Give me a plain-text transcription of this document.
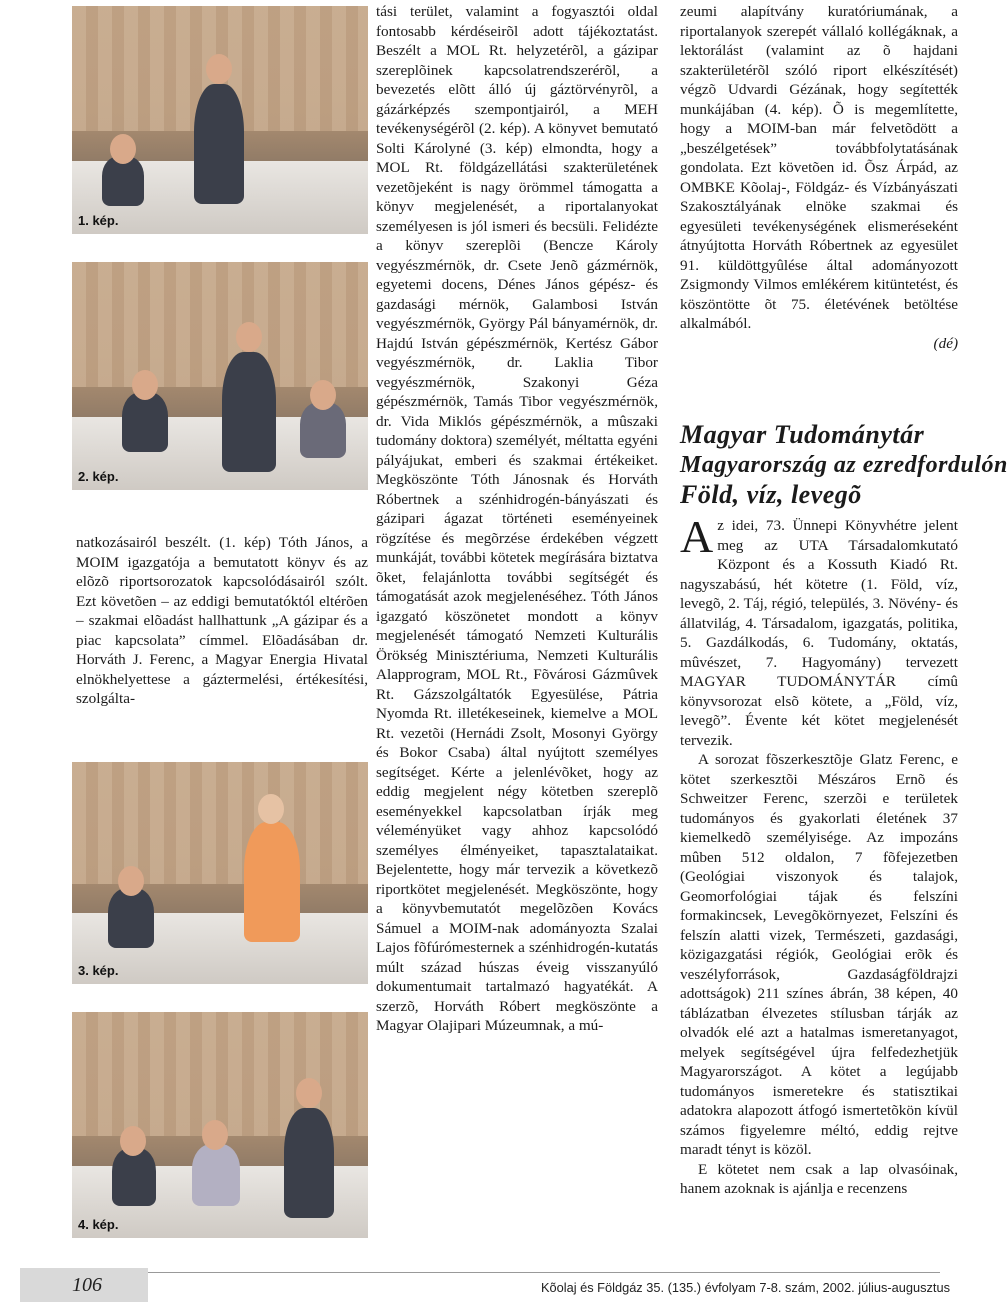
1. kép.
2. kép.
3. kép.
4. kép.

natkozásairól beszélt. (1. kép) Tóth János, a MOIM igazgatója a bemutatott könyv és az elõzõ riportsorozatok kapcsolódásairól szólt. Ezt követõen – az eddigi bemutatóktól eltérõen – szakmai elõadást hallhattunk „A gázipar és a piac kapcsolata” címmel. Elõadásában dr. Horváth J. Ferenc, a Magyar Energia Hivatal elnökhelyettese a gáztermelési, értékesítési, szolgálta-

tási terület, valamint a fogyasztói oldal fontosabb kérdéseirõl adott tájékoztatást. Beszélt a MOL Rt. helyzetérõl, a gázipar szereplõinek kapcsolatrendszerérõl, a bevezetés elõtt álló új gáztörvényrõl, a gázárképzés szempontjairól, a MEH tevékenységérõl (2. kép). A könyvet bemutató Solti Károlyné (3. kép) elmondta, hogy a MOL Rt. földgázellátási szakterületének vezetõjeként is nagy örömmel támogatta a könyv megjelenését, a riportalanyokat személyesen is jól ismeri és becsüli. Felidézte a könyv szereplõi (Bencze Károly vegyészmérnök, dr. Csete Jenõ gázmérnök, egyetemi docens, Dénes János gépész- és gazdasági mérnök, Galambosi István vegyészmérnök, György Pál bányamérnök, dr. Hajdú István gépészmérnök, Kertész Gábor vegyészmérnök, dr. Laklia Tibor vegyészmérnök, Szakonyi Géza gépészmérnök, Tamás Tibor vegyészmérnök, dr. Vida Miklós gépészmérnök, a mûszaki tudomány doktora) személyét, méltatta egyéni pályájukat, emberi és szakmai értékeiket. Megköszönte Tóth Jánosnak és Horváth Róbertnek a szénhidrogén-bányászati és gázipari ágazat történeti eseményeinek rögzítése és megõrzése érdekében végzett munkáját, további kötetek megírására biztatva õket, felajánlotta további segítségét és támogatását azok megjelenéséhez. Tóth János igazgató köszönetet mondott a könyv megjelenését támogató Nemzeti Kulturális Örökség Minisztériuma, Nemzeti Kulturális Alapprogram, MOL Rt., Fõvárosi Gázmûvek Rt. Gázszolgáltatók Egyesülése, Pátria Nyomda Rt. illetékeseinek, kiemelve a MOL Rt. vezetõi (Hernádi Zsolt, Mosonyi György és Bokor Csaba) által nyújtott személyes segítséget. Kérte a jelenlévõket, hogy az eddig megjelent négy kötetben szereplõ eseményekkel kapcsolatban írják meg véleményüket vagy ahhoz kapcsolódó személyes élményeiket, tapasztalataikat. Bejelentette, hogy már tervezik a következõ riportkötet megjelenését. Megköszönte, hogy a könyvbemutatót megelõzõen Kovács Sámuel a MOIM-nak adományozta Szalai Lajos fõfúrómesternek a szénhidrogén-kutatás múlt század húszas éveig visszanyúló dokumentumait tartalmazó hagyatékát. A szerzõ, Horváth Róbert megköszönte a Magyar Olajipari Múzeumnak, a mú-

zeumi alapítvány kuratóriumának, a riportalanyok szerepét vállaló kollégáknak, a lektorálást (valamint az õ hajdani szakterületérõl szóló riport elkészítését) végzõ Udvardi Gézának, hogy segítették munkájában (4. kép). Õ is megemlítette, hogy a MOIM-ban már felvetõdött a „beszélgetések” továbbfolytatásának gondolata. Ezt követõen id. Õsz Árpád, az OMBKE Kõolaj-, Földgáz- és Vízbányászati Szakosztályának elnöke szakmai és egyesületi tevékenységének elismeréseként átnyújtotta Horváth Róbertnek az egyesület 91. küldöttgyûlése által adományozott Zsigmondy Vilmos emlékérem kitüntetést, és köszöntötte õt 75. életévének betöltése alkalmából.

(dé)

Magyar Tudománytár
Magyarország az ezredfordulón
Föld, víz, levegõ

Az idei, 73. Ünnepi Könyvhétre jelent meg az UTA Társadalomkutató Központ és a Kossuth Kiadó Rt. nagyszabású, hét kötetre (1. Föld, víz, levegõ, 2. Táj, régió, település, 3. Növény- és állatvilág, 4. Társadalom, igazgatás, politika, 5. Gazdálkodás, 6. Tudomány, oktatás, mûvészet, 7. Hagyomány) tervezett MAGYAR TUDOMÁNYTÁR címû könyvsorozat elsõ kötete, a „Föld, víz, levegõ”. Évente két kötet megjelenését tervezik.

A sorozat fõszerkesztõje Glatz Ferenc, e kötet szerkesztõi Mészáros Ernõ és Schweitzer Ferenc, szerzõi e területek tudományos és gyakorlati életének 37 kiemelkedõ személyisége. Az impozáns mûben 512 oldalon, 7 fõfejezetben (Geológiai viszonyok és talajok, Geomorfológiai tájak és felszíni formakincsek, Levegõkörnyezet, Felszíni és felszín alatti vizek, Természeti, gazdasági, közigazgatási régiók, Geológiai erõk és veszélyforrások, Gazdaságföldrajzi adottságok) 211 színes ábrán, 38 képen, 40 táblázatban élvezetes stílusban tárják az olvadók elé azt a hatalmas ismeretanyagot, melyek segítségével újra felfedezhetjük Magyarországot. A kötet a legújabb tudományos ismeretekre és statisztikai adatokra alapozott átfogó ismertetõkön kívül számos figyelemre méltó, eddig rejtve maradt tényt is közöl.

E kötetet nem csak a lap olvasóinak, hanem azoknak is ajánlja e recenzens

106	Kõolaj és Földgáz 35. (135.) évfolyam 7-8. szám, 2002. július-augusztus
